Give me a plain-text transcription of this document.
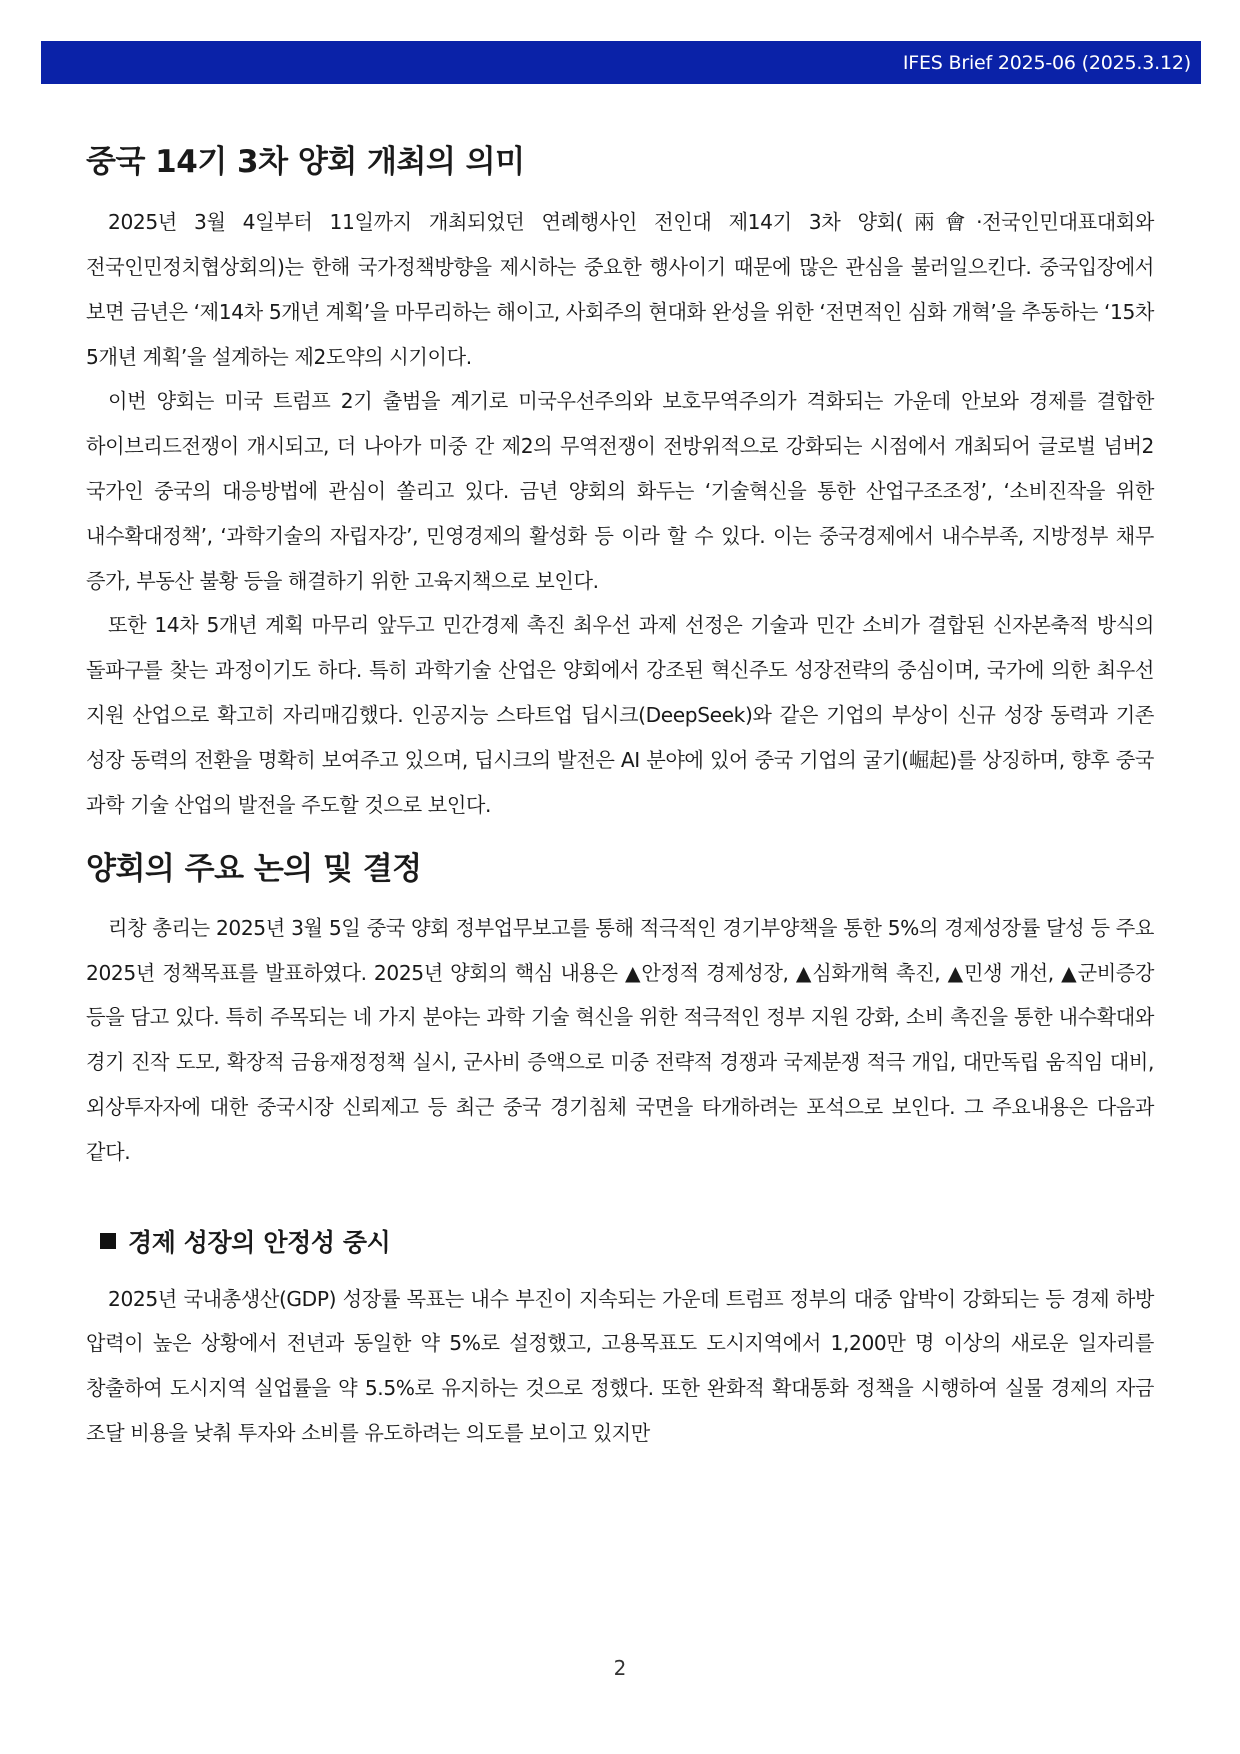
IFES Brief 2025-06 (2025.3.12)
중국 14기 3차 양회 개최의 의미

2025년 3월 4일부터 11일까지 개최되었던 연례행사인 전인대 제14기 3차 양회(兩會·전국인민대표대회와 전국인민정치협상회의)는 한해 국가정책방향을 제시하는 중요한 행사이기 때문에 많은 관심을 불러일으킨다. 중국입장에서 보면 금년은 ‘제14차 5개년 계획’을 마무리하는 해이고, 사회주의 현대화 완성을 위한 ‘전면적인 심화 개혁’을 추동하는 ‘15차 5개년 계획’을 설계하는 제2도약의 시기이다.

이번 양회는 미국 트럼프 2기 출범을 계기로 미국우선주의와 보호무역주의가 격화되는 가운데 안보와 경제를 결합한 하이브리드전쟁이 개시되고, 더 나아가 미중 간 제2의 무역전쟁이 전방위적으로 강화되는 시점에서 개최되어 글로벌 넘버2 국가인 중국의 대응방법에 관심이 쏠리고 있다. 금년 양회의 화두는 ‘기술혁신을 통한 산업구조조정’, ‘소비진작을 위한 내수확대정책’, ‘과학기술의 자립자강’, 민영경제의 활성화 등 이라 할 수 있다. 이는 중국경제에서 내수부족, 지방정부 채무 증가, 부동산 불황 등을 해결하기 위한 고육지책으로 보인다.

또한 14차 5개년 계획 마무리 앞두고 민간경제 촉진 최우선 과제 선정은 기술과 민간 소비가 결합된 신자본축적 방식의 돌파구를 찾는 과정이기도 하다. 특히 과학기술 산업은 양회에서 강조된 혁신주도 성장전략의 중심이며, 국가에 의한 최우선 지원 산업으로 확고히 자리매김했다. 인공지능 스타트업 딥시크(DeepSeek)와 같은 기업의 부상이 신규 성장 동력과 기존 성장 동력의 전환을 명확히 보여주고 있으며, 딥시크의 발전은 AI 분야에 있어 중국 기업의 굴기(崛起)를 상징하며, 향후 중국 과학 기술 산업의 발전을 주도할 것으로 보인다.

양회의 주요 논의 및 결정

리창 총리는 2025년 3월 5일 중국 양회 정부업무보고를 통해 적극적인 경기부양책을 통한 5%의 경제성장률 달성 등 주요 2025년 정책목표를 발표하였다. 2025년 양회의 핵심 내용은 ▲안정적 경제성장, ▲심화개혁 촉진, ▲민생 개선, ▲군비증강 등을 담고 있다. 특히 주목되는 네 가지 분야는 과학 기술 혁신을 위한 적극적인 정부 지원 강화, 소비 촉진을 통한 내수확대와 경기 진작 도모, 확장적 금융재정정책 실시, 군사비 증액으로 미중 전략적 경쟁과 국제분쟁 적극 개입, 대만독립 움직임 대비, 외상투자자에 대한 중국시장 신뢰제고 등 최근 중국 경기침체 국면을 타개하려는 포석으로 보인다. 그 주요내용은 다음과 같다.

경제 성장의 안정성 중시

2025년 국내총생산(GDP) 성장률 목표는 내수 부진이 지속되는 가운데 트럼프 정부의 대중 압박이 강화되는 등 경제 하방 압력이 높은 상황에서 전년과 동일한 약 5%로 설정했고, 고용목표도 도시지역에서 1,200만 명 이상의 새로운 일자리를 창출하여 도시지역 실업률을 약 5.5%로 유지하는 것으로 정했다. 또한 완화적 확대통화 정책을 시행하여 실물 경제의 자금 조달 비용을 낮춰 투자와 소비를 유도하려는 의도를 보이고 있지만

2
